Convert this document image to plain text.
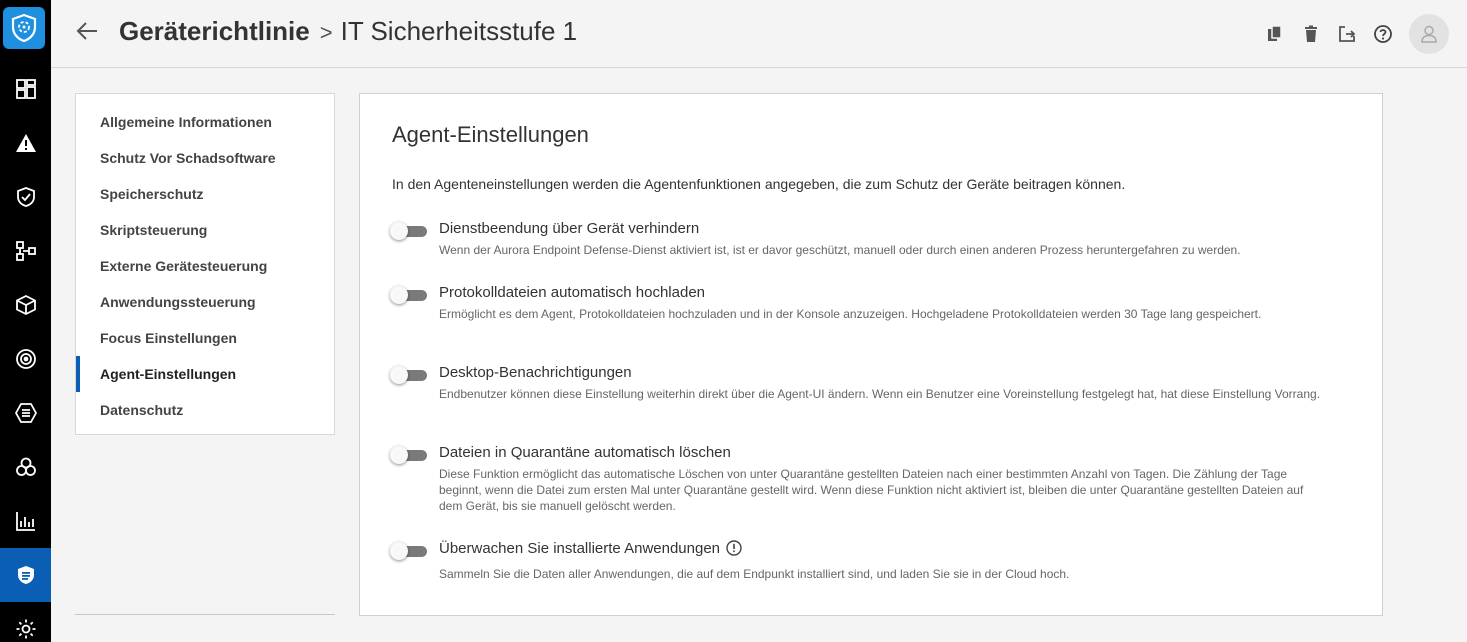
Geräterichtlinie > IT Sicherheitsstufe 1
Allgemeine Informationen
Schutz Vor Schadsoftware
Speicherschutz
Skriptsteuerung
Externe Gerätesteuerung
Anwendungssteuerung
Focus Einstellungen
Agent-Einstellungen
Datenschutz
Agent-Einstellungen
In den Agenteneinstellungen werden die Agentenfunktionen angegeben, die zum Schutz der Geräte beitragen können.
Dienstbeendung über Gerät verhindern
Wenn der Aurora Endpoint Defense-Dienst aktiviert ist, ist er davor geschützt, manuell oder durch einen anderen Prozess heruntergefahren zu werden.
Protokolldateien automatisch hochladen
Ermöglicht es dem Agent, Protokolldateien hochzuladen und in der Konsole anzuzeigen. Hochgeladene Protokolldateien werden 30 Tage lang gespeichert.
Desktop-Benachrichtigungen
Endbenutzer können diese Einstellung weiterhin direkt über die Agent-UI ändern. Wenn ein Benutzer eine Voreinstellung festgelegt hat, hat diese Einstellung Vorrang.
Dateien in Quarantäne automatisch löschen
Diese Funktion ermöglicht das automatische Löschen von unter Quarantäne gestellten Dateien nach einer bestimmten Anzahl von Tagen. Die Zählung der Tage beginnt, wenn die Datei zum ersten Mal unter Quarantäne gestellt wird. Wenn diese Funktion nicht aktiviert ist, bleiben die unter Quarantäne gestellten Dateien auf dem Gerät, bis sie manuell gelöscht werden.
Überwachen Sie installierte Anwendungen
Sammeln Sie die Daten aller Anwendungen, die auf dem Endpunkt installiert sind, und laden Sie sie in der Cloud hoch.
